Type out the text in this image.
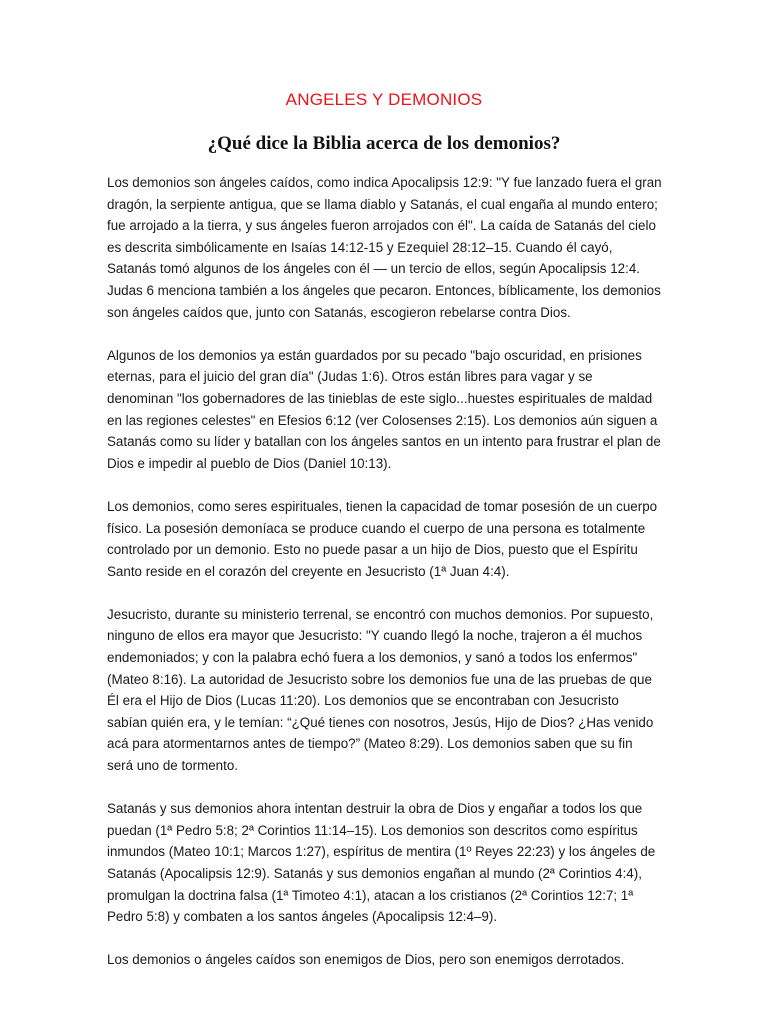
ANGELES Y DEMONIOS
¿Qué dice la Biblia acerca de los demonios?

Los demonios son ángeles caídos, como indica Apocalipsis 12:9: "Y fue lanzado fuera el gran dragón, la serpiente antigua, que se llama diablo y Satanás, el cual engaña al mundo entero; fue arrojado a la tierra, y sus ángeles fueron arrojados con él". La caída de Satanás del cielo es descrita simbólicamente en Isaías 14:12-15 y Ezequiel 28:12–15. Cuando él cayó, Satanás tomó algunos de los ángeles con él — un tercio de ellos, según Apocalipsis 12:4. Judas 6 menciona también a los ángeles que pecaron. Entonces, bíblicamente, los demonios son ángeles caídos que, junto con Satanás, escogieron rebelarse contra Dios.

Algunos de los demonios ya están guardados por su pecado "bajo oscuridad, en prisiones eternas, para el juicio del gran día" (Judas 1:6). Otros están libres para vagar y se denominan "los gobernadores de las tinieblas de este siglo...huestes espirituales de maldad en las regiones celestes" en Efesios 6:12 (ver Colosenses 2:15). Los demonios aún siguen a Satanás como su líder y batallan con los ángeles santos en un intento para frustrar el plan de Dios e impedir al pueblo de Dios (Daniel 10:13).

Los demonios, como seres espirituales, tienen la capacidad de tomar posesión de un cuerpo físico. La posesión demoníaca se produce cuando el cuerpo de una persona es totalmente controlado por un demonio. Esto no puede pasar a un hijo de Dios, puesto que el Espíritu Santo reside en el corazón del creyente en Jesucristo (1ª Juan 4:4).

Jesucristo, durante su ministerio terrenal, se encontró con muchos demonios. Por supuesto, ninguno de ellos era mayor que Jesucristo: "Y cuando llegó la noche, trajeron a él muchos endemoniados; y con la palabra echó fuera a los demonios, y sanó a todos los enfermos" (Mateo 8:16). La autoridad de Jesucristo sobre los demonios fue una de las pruebas de que Él era el Hijo de Dios (Lucas 11:20). Los demonios que se encontraban con Jesucristo sabían quién era, y le temían: “¿Qué tienes con nosotros, Jesús, Hijo de Dios? ¿Has venido acá para atormentarnos antes de tiempo?” (Mateo 8:29). Los demonios saben que su fin será uno de tormento.

Satanás y sus demonios ahora intentan destruir la obra de Dios y engañar a todos los que puedan (1ª Pedro 5:8; 2ª Corintios 11:14–15). Los demonios son descritos como espíritus inmundos (Mateo 10:1; Marcos 1:27), espíritus de mentira (1º Reyes 22:23) y los ángeles de Satanás (Apocalipsis 12:9). Satanás y sus demonios engañan al mundo (2ª Corintios 4:4), promulgan la doctrina falsa (1ª Timoteo 4:1), atacan a los cristianos (2ª Corintios 12:7; 1ª Pedro 5:8) y combaten a los santos ángeles (Apocalipsis 12:4–9).

Los demonios o ángeles caídos son enemigos de Dios, pero son enemigos derrotados.
